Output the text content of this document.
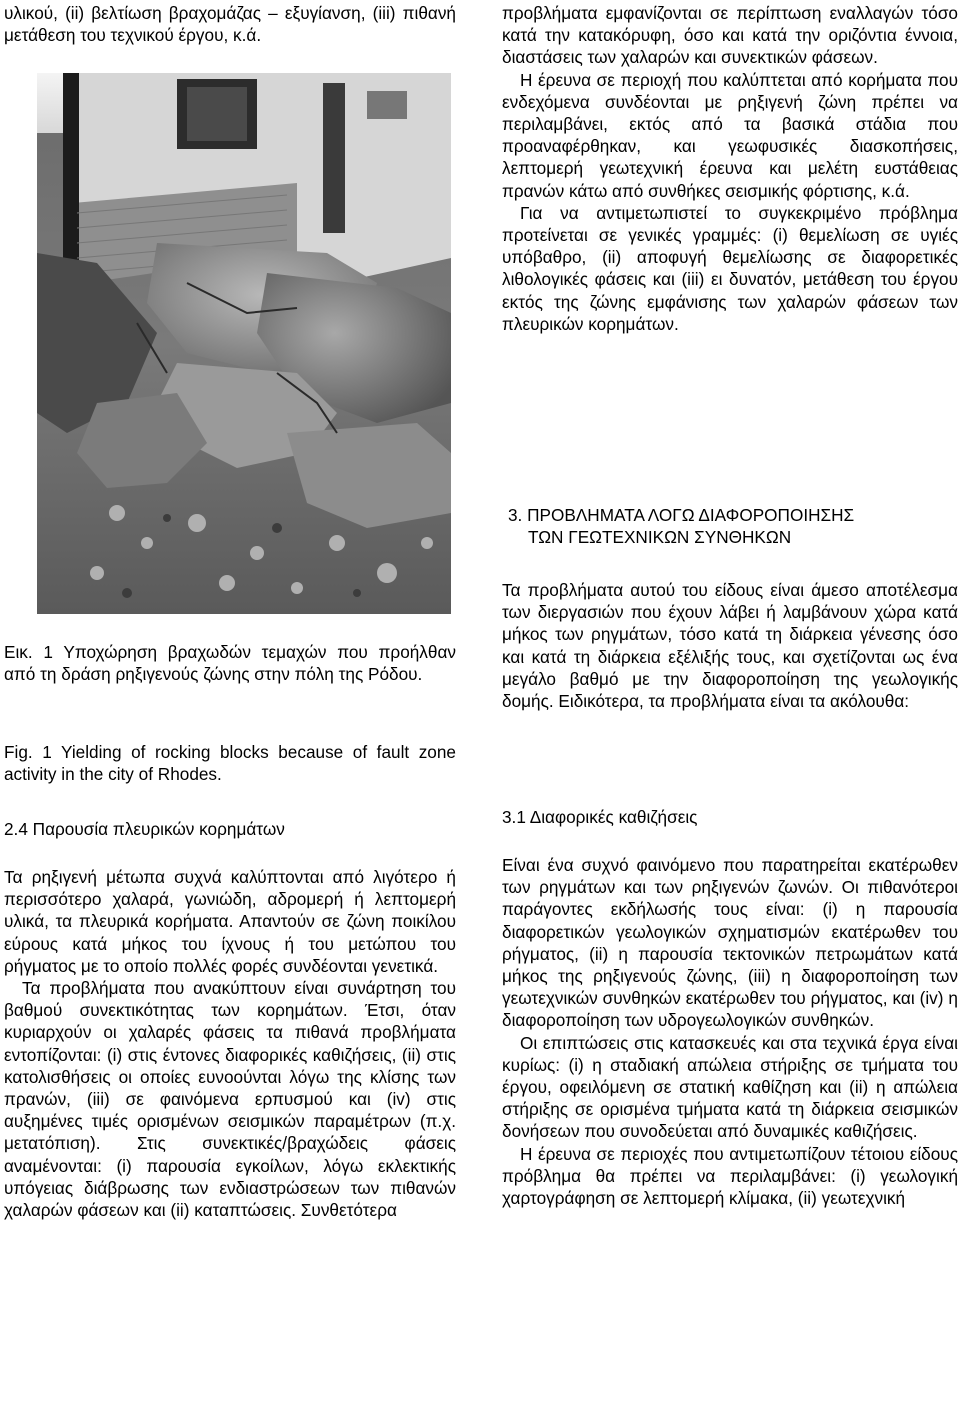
υλικού, (ii) βελτίωση βραχομάζας – εξυγίανση, (iii) πιθανή μετάθεση του τεχνικού έργου, κ.ά.

Εικ. 1 Υποχώρηση βραχωδών τεμαχών που προήλθαν από τη δράση ρηξιγενούς ζώνης στην πόλη της Ρόδου.

Fig. 1 Yielding of rocking blocks because of fault zone activity in the city of Rhodes.

2.4 Παρουσία πλευρικών κορημάτων

Τα ρηξιγενή μέτωπα συχνά καλύπτονται από λιγότερο ή περισσότερο χαλαρά, γωνιώδη, αδρομερή ή λεπτομερή υλικά, τα πλευρικά κορήματα. Απαντούν σε ζώνη ποικίλου εύρους κατά μήκος του ίχνους ή του μετώπου του ρήγματος με το οποίο πολλές φορές συνδέονται γενετικά.

Τα προβλήματα που ανακύπτουν είναι συνάρτηση του βαθμού συνεκτικότητας των κορημάτων. Έτσι, όταν κυριαρχούν οι χαλαρές φάσεις τα πιθανά προβλήματα εντοπίζονται: (i) στις έντονες διαφορικές καθιζήσεις, (ii) στις κατολισθήσεις οι οποίες ευνοούνται λόγω της κλίσης των πρανών, (iii) σε φαινόμενα ερπυσμού και (iv) στις αυξημένες τιμές ορισμένων σεισμικών παραμέτρων (π.χ. μετατόπιση). Στις συνεκτικές/βραχώδεις φάσεις αναμένονται: (i) παρουσία εγκοίλων, λόγω εκλεκτικής υπόγειας διάβρωσης των ενδιαστρώσεων των πιθανών χαλαρών φάσεων και (ii) καταπτώσεις. Συνθετότερα

προβλήματα εμφανίζονται σε περίπτωση εναλλαγών τόσο κατά την κατακόρυφη, όσο και κατά την οριζόντια έννοια, διαστάσεις των χαλαρών και συνεκτικών φάσεων.

Η έρευνα σε περιοχή που καλύπτεται από κορήματα που ενδεχόμενα συνδέονται με ρηξιγενή ζώνη πρέπει να περιλαμβάνει, εκτός από τα βασικά στάδια που προαναφέρθηκαν, και γεωφυσικές διασκοπήσεις, λεπτομερή γεωτεχνική έρευνα και μελέτη ευστάθειας πρανών κάτω από συνθήκες σεισμικής φόρτισης, κ.ά.

Για να αντιμετωπιστεί το συγκεκριμένο πρόβλημα προτείνεται σε γενικές γραμμές: (i) θεμελίωση σε υγιές υπόβαθρο, (ii) αποφυγή θεμελίωσης σε διαφορετικές λιθολογικές φάσεις και (iii) ει δυνατόν, μετάθεση του έργου εκτός της ζώνης εμφάνισης των χαλαρών φάσεων των πλευρικών κορημάτων.

3. ΠΡΟΒΛΗΜΑΤΑ ΛΟΓΩ ΔΙΑΦΟΡΟΠΟΙΗΣΗΣ
ΤΩΝ ΓΕΩΤΕΧΝΙΚΩΝ ΣΥΝΘΗΚΩΝ

Τα προβλήματα αυτού του είδους είναι άμεσο αποτέλεσμα των διεργασιών που έχουν λάβει ή λαμβάνουν χώρα κατά μήκος των ρηγμάτων, τόσο κατά τη διάρκεια γένεσης όσο και κατά τη διάρκεια εξέλιξής τους, και σχετίζονται ως ένα μεγάλο βαθμό με την διαφοροποίηση της γεωλογικής δομής. Ειδικότερα, τα προβλήματα είναι τα ακόλουθα:

3.1 Διαφορικές καθιζήσεις

Είναι ένα συχνό φαινόμενο που παρατηρείται εκατέρωθεν των ρηγμάτων και των ρηξιγενών ζωνών. Οι πιθανότεροι παράγοντες εκδήλωσής τους είναι: (i) η παρουσία διαφορετικών γεωλογικών σχηματισμών εκατέρωθεν του ρήγματος, (ii) η παρουσία τεκτονικών πετρωμάτων κατά μήκος της ρηξιγενούς ζώνης, (iii) η διαφοροποίηση των γεωτεχνικών συνθηκών εκατέρωθεν του ρήγματος, και (iv) η διαφοροποίηση των υδρογεωλογικών συνθηκών.

Οι επιπτώσεις στις κατασκευές και στα τεχνικά έργα είναι κυρίως: (i) η σταδιακή απώλεια στήριξης σε τμήματα του έργου, οφειλόμενη σε στατική καθίζηση και (ii) η απώλεια στήριξης σε ορισμένα τμήματα κατά τη διάρκεια σεισμικών δονήσεων που συνοδεύεται από δυναμικές καθιζήσεις.

Η έρευνα σε περιοχές που αντιμετωπίζουν τέτοιου είδους πρόβλημα θα πρέπει να περιλαμβάνει: (i) γεωλογική χαρτογράφηση σε λεπτομερή κλίμακα, (ii) γεωτεχνική
